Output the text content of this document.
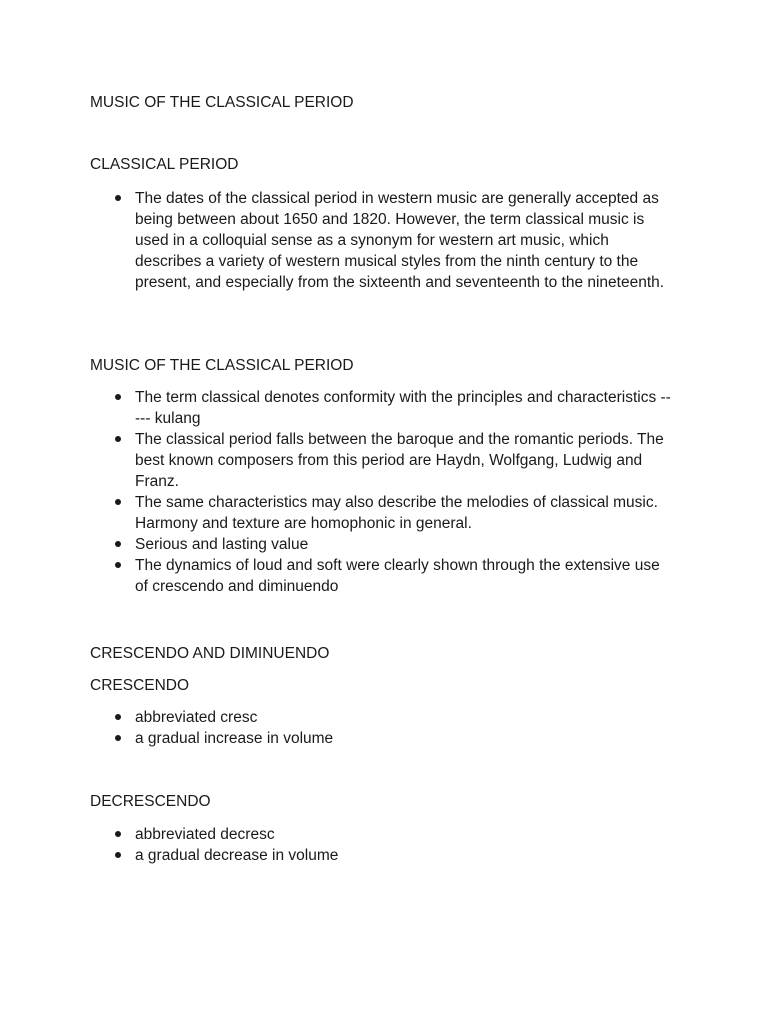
MUSIC OF THE CLASSICAL PERIOD
CLASSICAL PERIOD
The dates of the classical period in western music are generally accepted as being between about 1650 and 1820. However, the term classical music is used in a colloquial sense as a synonym for western art music, which describes a variety of western musical styles from the ninth century to the present, and especially from the sixteenth and seventeenth to the nineteenth.
MUSIC OF THE CLASSICAL PERIOD
The term classical denotes conformity with the principles and characteristics ----- kulang
The classical period falls between the baroque and the romantic periods. The best known composers from this period are Haydn, Wolfgang, Ludwig and Franz.
The same characteristics may also describe the melodies of classical music. Harmony and texture are homophonic in general.
Serious and lasting value
The dynamics of loud and soft were clearly shown through the extensive use of crescendo and diminuendo
CRESCENDO AND DIMINUENDO
CRESCENDO
abbreviated cresc
a gradual increase in volume
DECRESCENDO
abbreviated decresc
a gradual decrease in volume
